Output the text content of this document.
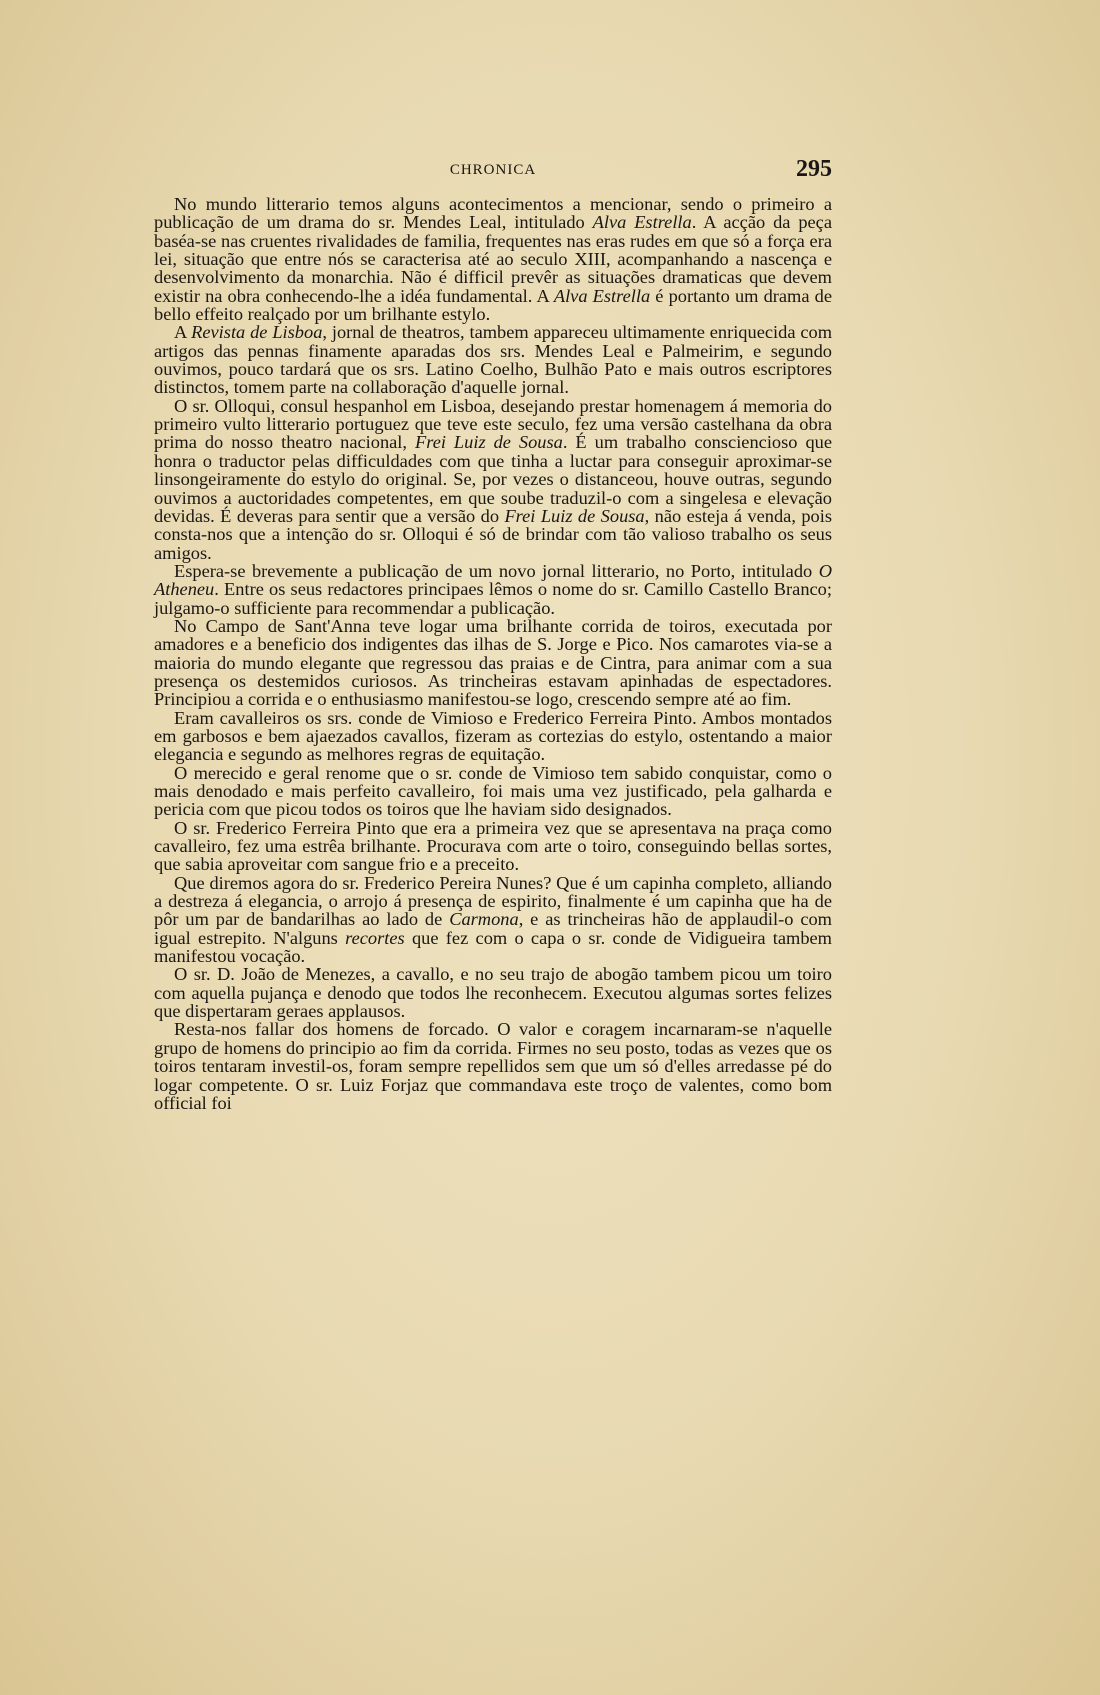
CHRONICA	295

No mundo litterario temos alguns acontecimentos a mencionar, sendo o primeiro a publicação de um drama do sr. Mendes Leal, intitulado Alva Estrella. A acção da peça baséa-se nas cruentes rivalidades de familia, frequentes nas eras rudes em que só a força era lei, situação que entre nós se caracterisa até ao seculo XIII, acompanhando a nascença e desenvolvimento da monarchia. Não é difficil prevêr as situações dramaticas que devem existir na obra conhecendo-lhe a idéa fundamental. A Alva Estrella é portanto um drama de bello effeito realçado por um brilhante estylo.

A Revista de Lisboa, jornal de theatros, tambem appareceu ultimamente enriquecida com artigos das pennas finamente aparadas dos srs. Mendes Leal e Palmeirim, e segundo ouvimos, pouco tardará que os srs. Latino Coelho, Bulhão Pato e mais outros escriptores distinctos, tomem parte na collaboração d'aquelle jornal.

O sr. Olloqui, consul hespanhol em Lisboa, desejando prestar homenagem á memoria do primeiro vulto litterario portuguez que teve este seculo, fez uma versão castelhana da obra prima do nosso theatro nacional, Frei Luiz de Sousa. É um trabalho consciencioso que honra o traductor pelas difficuldades com que tinha a luctar para conseguir aproximar-se linsongeiramente do estylo do original. Se, por vezes o distanceou, houve outras, segundo ouvimos a auctoridades competentes, em que soube traduzil-o com a singelesa e elevação devidas. É deveras para sentir que a versão do Frei Luiz de Sousa, não esteja á venda, pois consta-nos que a intenção do sr. Olloqui é só de brindar com tão valioso trabalho os seus amigos.

Espera-se brevemente a publicação de um novo jornal litterario, no Porto, intitulado O Atheneu. Entre os seus redactores principaes lêmos o nome do sr. Camillo Castello Branco; julgamo-o sufficiente para recommendar a publicação.

No Campo de Sant'Anna teve logar uma brilhante corrida de toiros, executada por amadores e a beneficio dos indigentes das ilhas de S. Jorge e Pico. Nos camarotes via-se a maioria do mundo elegante que regressou das praias e de Cintra, para animar com a sua presença os destemidos curiosos. As trincheiras estavam apinhadas de espectadores. Principiou a corrida e o enthusiasmo manifestou-se logo, crescendo sempre até ao fim.

Eram cavalleiros os srs. conde de Vimioso e Frederico Ferreira Pinto. Ambos montados em garbosos e bem ajaezados cavallos, fizeram as cortezias do estylo, ostentando a maior elegancia e segundo as melhores regras de equitação.

O merecido e geral renome que o sr. conde de Vimioso tem sabido conquistar, como o mais denodado e mais perfeito cavalleiro, foi mais uma vez justificado, pela galharda e pericia com que picou todos os toiros que lhe haviam sido designados.

O sr. Frederico Ferreira Pinto que era a primeira vez que se apresentava na praça como cavalleiro, fez uma estrêa brilhante. Procurava com arte o toiro, conseguindo bellas sortes, que sabia aproveitar com sangue frio e a preceito.

Que diremos agora do sr. Frederico Pereira Nunes? Que é um capinha completo, alliando a destreza á elegancia, o arrojo á presença de espirito, finalmente é um capinha que ha de pôr um par de bandarilhas ao lado de Carmona, e as trincheiras hão de applaudil-o com igual estrepito. N'alguns recortes que fez com o capa o sr. conde de Vidigueira tambem manifestou vocação.

O sr. D. João de Menezes, a cavallo, e no seu trajo de abogão tambem picou um toiro com aquella pujança e denodo que todos lhe reconhecem. Executou algumas sortes felizes que dispertaram geraes applausos.

Resta-nos fallar dos homens de forcado. O valor e coragem incarnaram-se n'aquelle grupo de homens do principio ao fim da corrida. Firmes no seu posto, todas as vezes que os toiros tentaram investil-os, foram sempre repellidos sem que um só d'elles arredasse pé do logar competente. O sr. Luiz Forjaz que commandava este troço de valentes, como bom official foi
